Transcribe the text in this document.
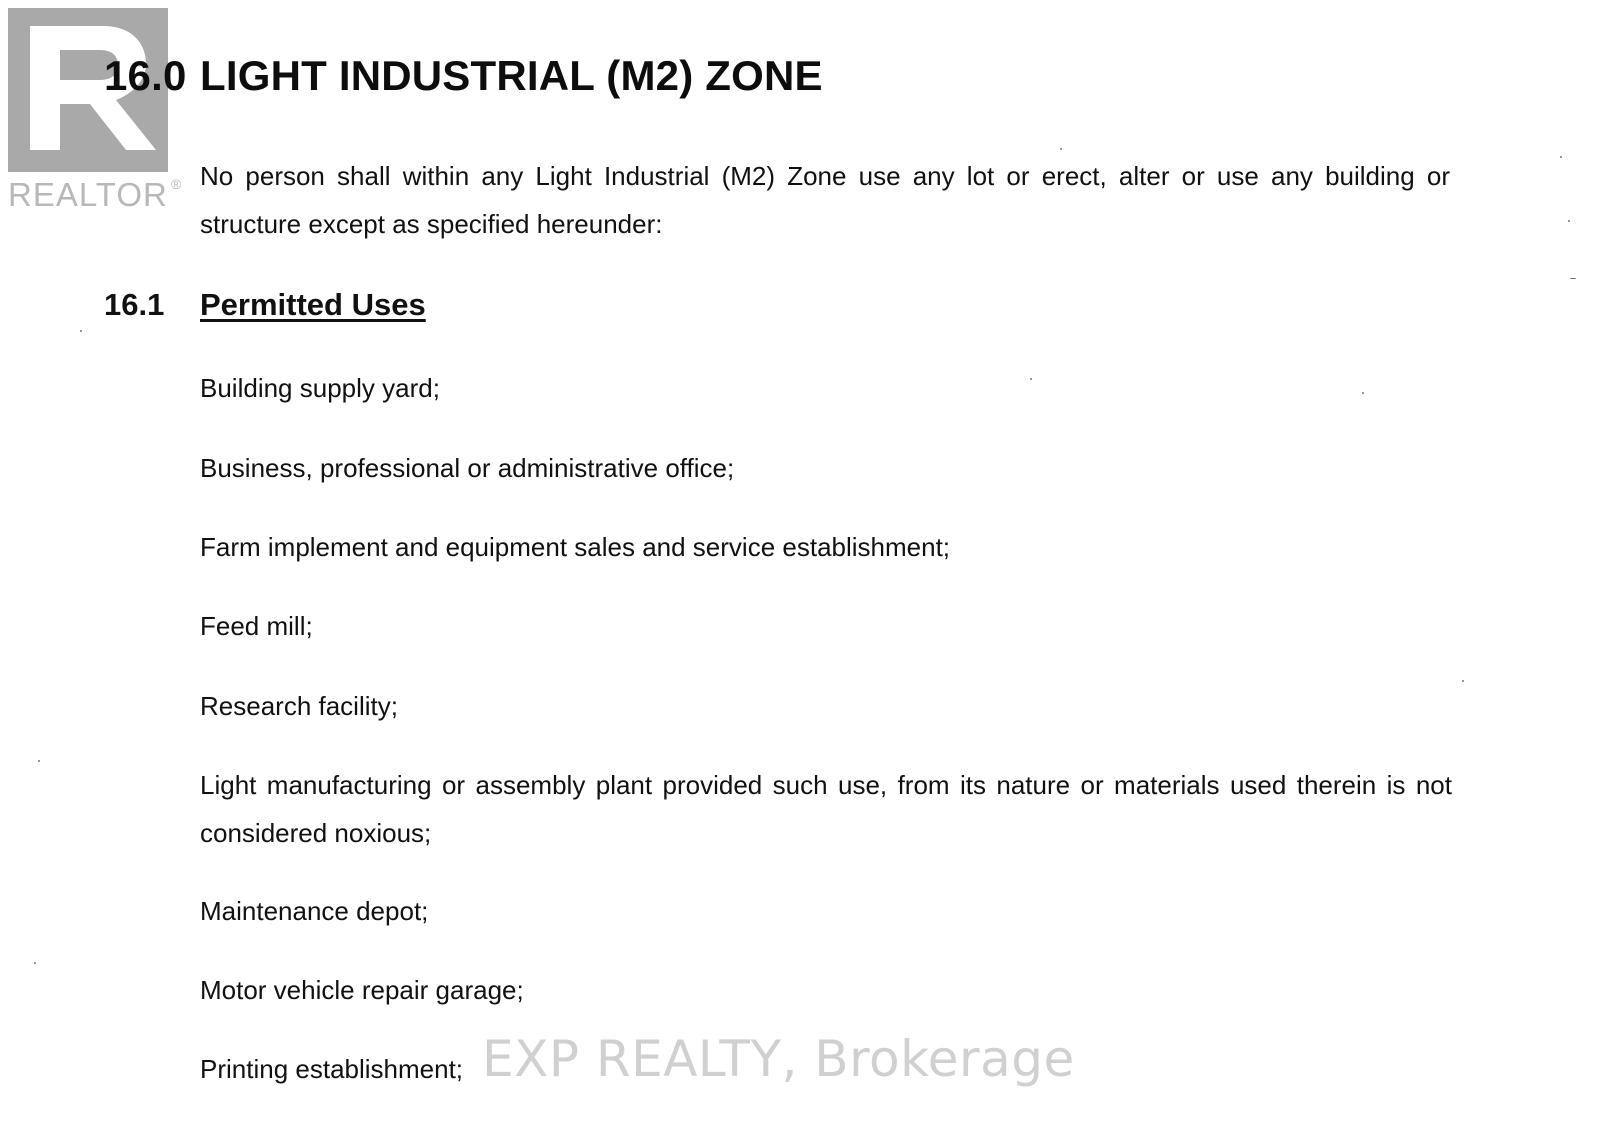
REALTOR ®
16.0 LIGHT INDUSTRIAL (M2) ZONE

No person shall within any Light Industrial (M2) Zone use any lot or erect, alter or use any building or structure except as specified hereunder:

16.1 Permitted Uses
Building supply yard;
Business, professional or administrative office;
Farm implement and equipment sales and service establishment;
Feed mill;
Research facility;
Light manufacturing or assembly plant provided such use, from its nature or materials used therein is not considered noxious;
Maintenance depot;
Motor vehicle repair garage;
Printing establishment; EXP REALTY, Brokerage
